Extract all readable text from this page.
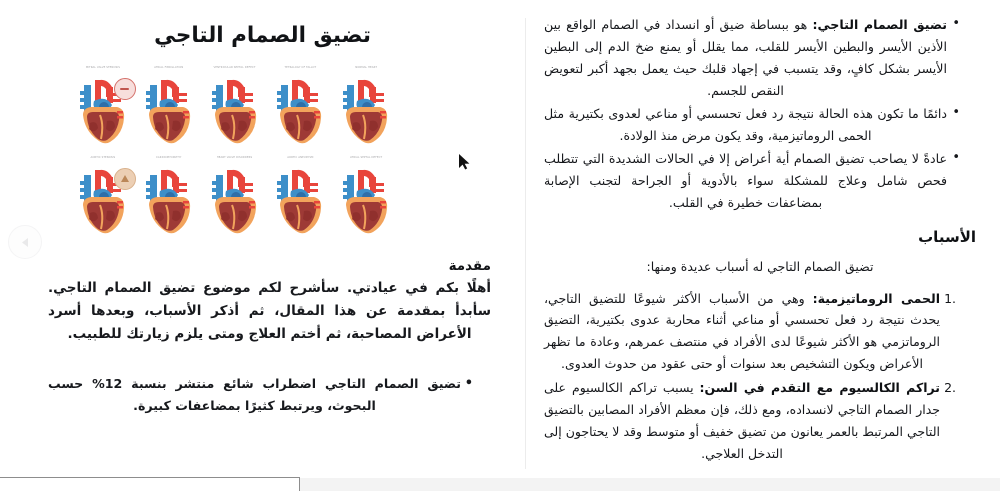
تضيق الصمام التاجي
NORMAL HEART
TETRALOGY OF FALLOT
VENTRICULAR SEPTAL DEFECT
ATRIAL FIBRILLATION
MITRAL VALVE STENOSIS
ATRIAL SEPTAL DEFECT
AORTIC ANEURYSM
HEART VALVE DISORDERS
CARDIOMYOPATHY
AORTIC STENOSIS
مقدمة

أهلًا بكم في عيادتي. سأشرح لكم موضوع تضيق الصمام التاجي. سأبدأ بمقدمة عن هذا المقال، ثم أذكر الأسباب، وبعدها أسرد الأعراض المصاحبة، ثم أختم العلاج ومتى يلزم زيارتك للطبيب.

• تضيق الصمام التاجي اضطراب شائع منتشر بنسبة 12% حسب البحوث، ويرتبط كثيرًا بمضاعفات كبيرة.
• تضيق الصمام التاجي: هو ببساطة ضيق أو انسداد في الصمام الواقع بين الأذين الأيسر والبطين الأيسر للقلب، مما يقلل أو يمنع ضخ الدم إلى البطين الأيسر بشكل كافٍ، وقد يتسبب في إجهاد قلبك حيث يعمل بجهد أكبر لتعويض النقص للجسم.
• دائمًا ما تكون هذه الحالة نتيجة رد فعل تحسسي أو مناعي لعدوى بكتيرية مثل الحمى الروماتيزمية، وقد يكون مرض منذ الولادة.
• عادةً لا يصاحب تضيق الصمام أية أعراض إلا في الحالات الشديدة التي تتطلب فحص شامل وعلاج للمشكلة سواء بالأدوية أو الجراحة لتجنب الإصابة بمضاعفات خطيرة في القلب.
الأسباب

تضيق الصمام التاجي له أسباب عديدة ومنها:

الحمى الروماتيزمية: وهي من الأسباب الأكثر شيوعًا للتضيق التاجي، يحدث نتيجة رد فعل تحسسي أو مناعي أثناء محاربة عدوى بكتيرية، التضيق الروماتزمي هو الأكثر شيوعًا لدى الأفراد في منتصف عمرهم، وعادة ما تظهر الأعراض ويكون التشخيص بعد سنوات أو حتى عقود من حدوث العدوى.
تراكم الكالسيوم مع التقدم في السن: يسبب تراكم الكالسيوم على جدار الصمام التاجي لانسداده، ومع ذلك، فإن معظم الأفراد المصابين بالتضيق التاجي المرتبط بالعمر يعانون من تضيق خفيف أو متوسط وقد لا يحتاجون إلى التدخل العلاجي.
